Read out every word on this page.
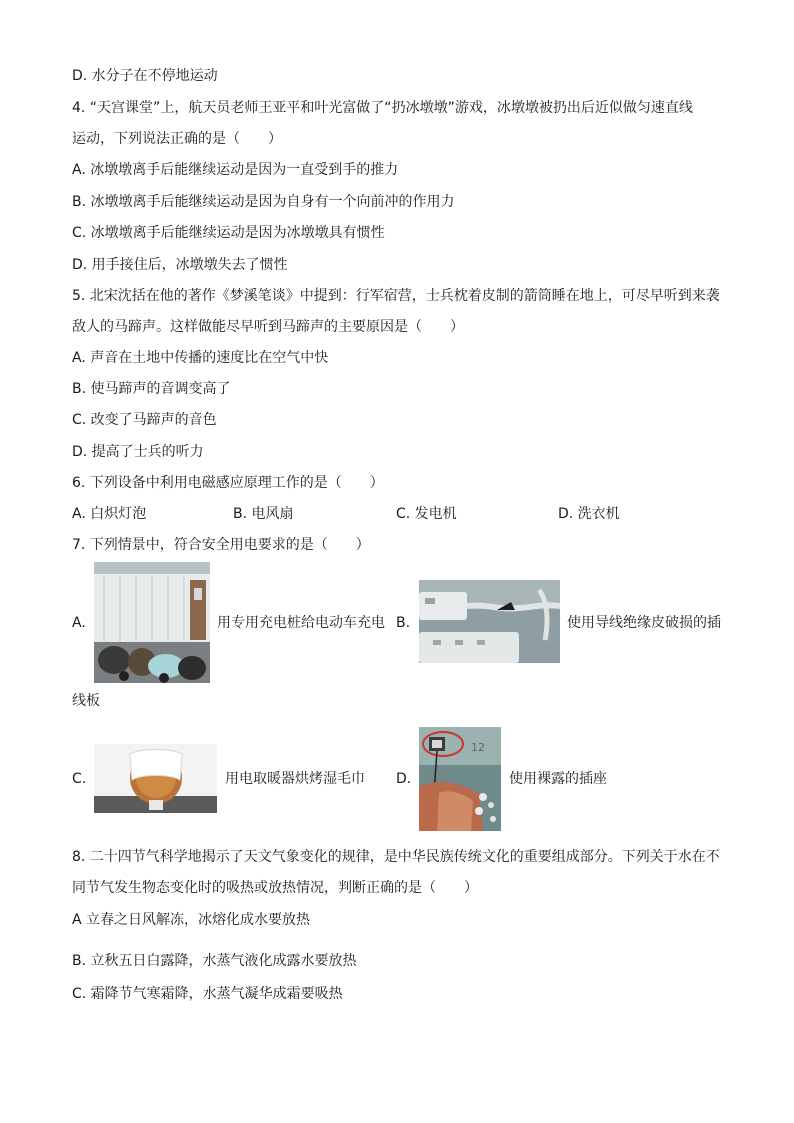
D. 水分子在不停地运动
4. “天宫课堂”上，航天员老师王亚平和叶光富做了“扔冰墩墩”游戏，冰墩墩被扔出后近似做匀速直线
运动，下列说法正确的是（　　）
A. 冰墩墩离手后能继续运动是因为一直受到手的推力
B. 冰墩墩离手后能继续运动是因为自身有一个向前冲的作用力
C. 冰墩墩离手后能继续运动是因为冰墩墩具有惯性
D. 用手接住后，冰墩墩失去了惯性
5. 北宋沈括在他的著作《梦溪笔谈》中提到：行军宿营，士兵枕着皮制的箭筒睡在地上，可尽早听到来袭
敌人的马蹄声。这样做能尽早听到马蹄声的主要原因是（　　）
A. 声音在土地中传播的速度比在空气中快
B. 使马蹄声的音调变高了
C. 改变了马蹄声的音色
D. 提高了士兵的听力
6. 下列设备中利用电磁感应原理工作的是（　　）
A. 白炽灯泡	B. 电风扇	C. 发电机	D. 洗衣机
7. 下列情景中，符合安全用电要求的是（　　）
A.	用专用充电桩给电动车充电 B.	使用导线绝缘皮破损的插
线板
C.	用电取暖器烘烤湿毛巾 D.
12
使用裸露的插座
8. 二十四节气科学地揭示了天文气象变化的规律，是中华民族传统文化的重要组成部分。下列关于水在不
同节气发生物态变化时的吸热或放热情况，判断正确的是（　　）
A 立春之日风解冻，冰熔化成水要放热
B. 立秋五日白露降，水蒸气液化成露水要放热
C. 霜降节气寒霜降，水蒸气凝华成霜要吸热
